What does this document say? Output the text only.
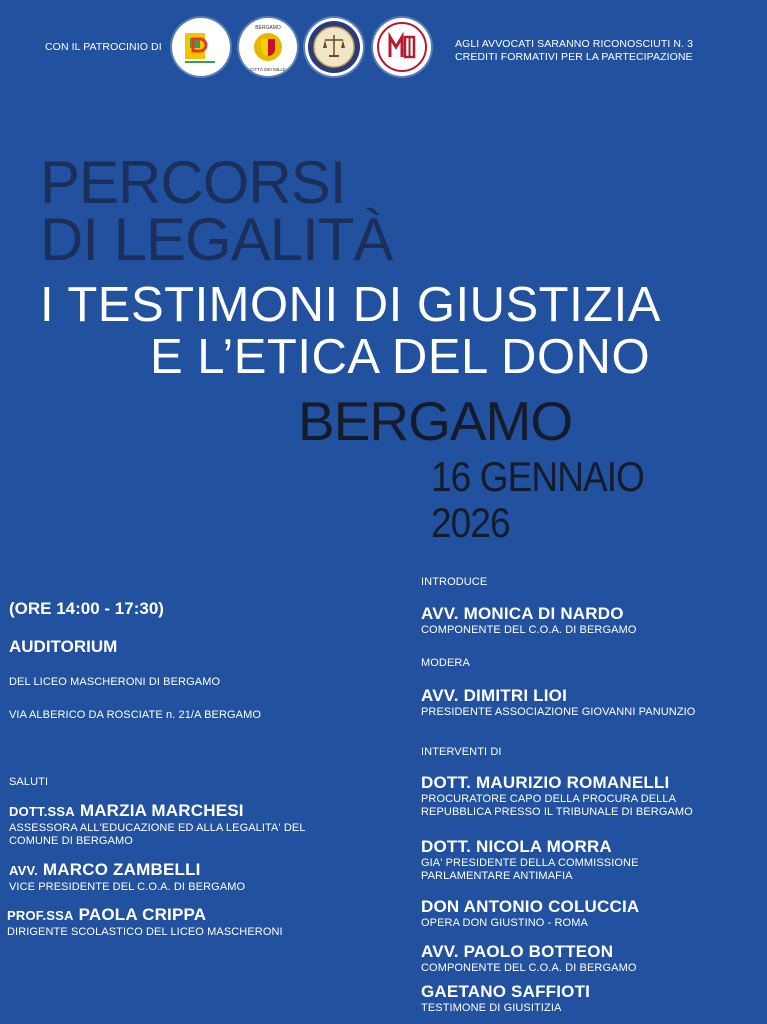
CON IL PATROCINIO DI
BERGAMO
CITTÀ DEI MILLE
AGLI AVVOCATI SARANNO RICONOSCIUTI N. 3
CREDITI FORMATIVI PER LA PARTECIPAZIONE
PERCORSI
DI LEGALITÀ
I TESTIMONI DI GIUSTIZIA
E L’ETICA DEL DONO
BERGAMO
16 GENNAIO 2026
(ORE 14:00 - 17:30)
AUDITORIUM
DEL LICEO MASCHERONI DI BERGAMO
VIA ALBERICO DA ROSCIATE n. 21/A BERGAMO
SALUTI
DOTT.SSA MARZIA MARCHESI
ASSESSORA ALL'EDUCAZIONE ED ALLA LEGALITA' DEL
COMUNE DI BERGAMO
AVV. MARCO ZAMBELLI
VICE PRESIDENTE DEL C.O.A. DI BERGAMO
PROF.SSA PAOLA CRIPPA
DIRIGENTE SCOLASTICO DEL LICEO MASCHERONI
INTRODUCE
AVV. MONICA DI NARDO
COMPONENTE DEL C.O.A. DI BERGAMO
MODERA
AVV. DIMITRI LIOI
PRESIDENTE ASSOCIAZIONE GIOVANNI PANUNZIO
INTERVENTI DI
DOTT. MAURIZIO ROMANELLI
PROCURATORE CAPO DELLA PROCURA DELLA
REPUBBLICA PRESSO IL TRIBUNALE DI BERGAMO
DOTT. NICOLA MORRA
GIA' PRESIDENTE DELLA COMMISSIONE
PARLAMENTARE ANTIMAFIA
DON ANTONIO COLUCCIA
OPERA DON GIUSTINO - ROMA
AVV. PAOLO BOTTEON
COMPONENTE DEL C.O.A. DI BERGAMO
GAETANO SAFFIOTI
TESTIMONE DI GIUSITIZIA
